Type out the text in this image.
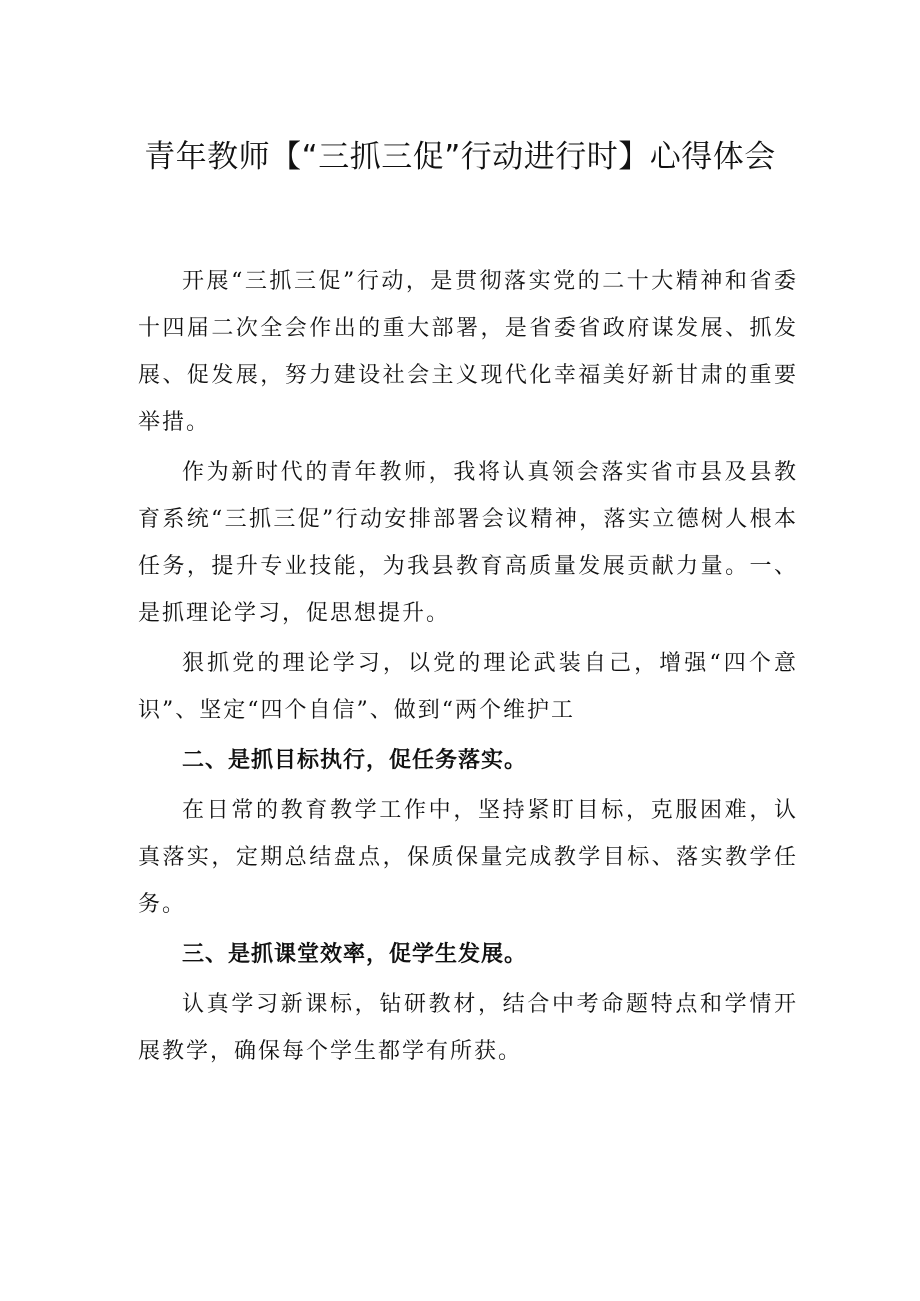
青年教师【“三抓三促”行动进行时】心得体会

开展“三抓三促”行动，是贯彻落实党的二十大精神和省委十四届二次全会作出的重大部署，是省委省政府谋发展、抓发展、促发展，努力建设社会主义现代化幸福美好新甘肃的重要举措。

作为新时代的青年教师，我将认真领会落实省市县及县教育系统“三抓三促”行动安排部署会议精神，落实立德树人根本任务，提升专业技能，为我县教育高质量发展贡献力量。一、是抓理论学习，促思想提升。

狠抓党的理论学习，以党的理论武装自己，增强“四个意识”、坚定“四个自信”、做到“两个维护工

二、是抓目标执行，促任务落实。

在日常的教育教学工作中，坚持紧盯目标，克服困难，认真落实，定期总结盘点，保质保量完成教学目标、落实教学任务。

三、是抓课堂效率，促学生发展。

认真学习新课标，钻研教材，结合中考命题特点和学情开展教学，确保每个学生都学有所获。
